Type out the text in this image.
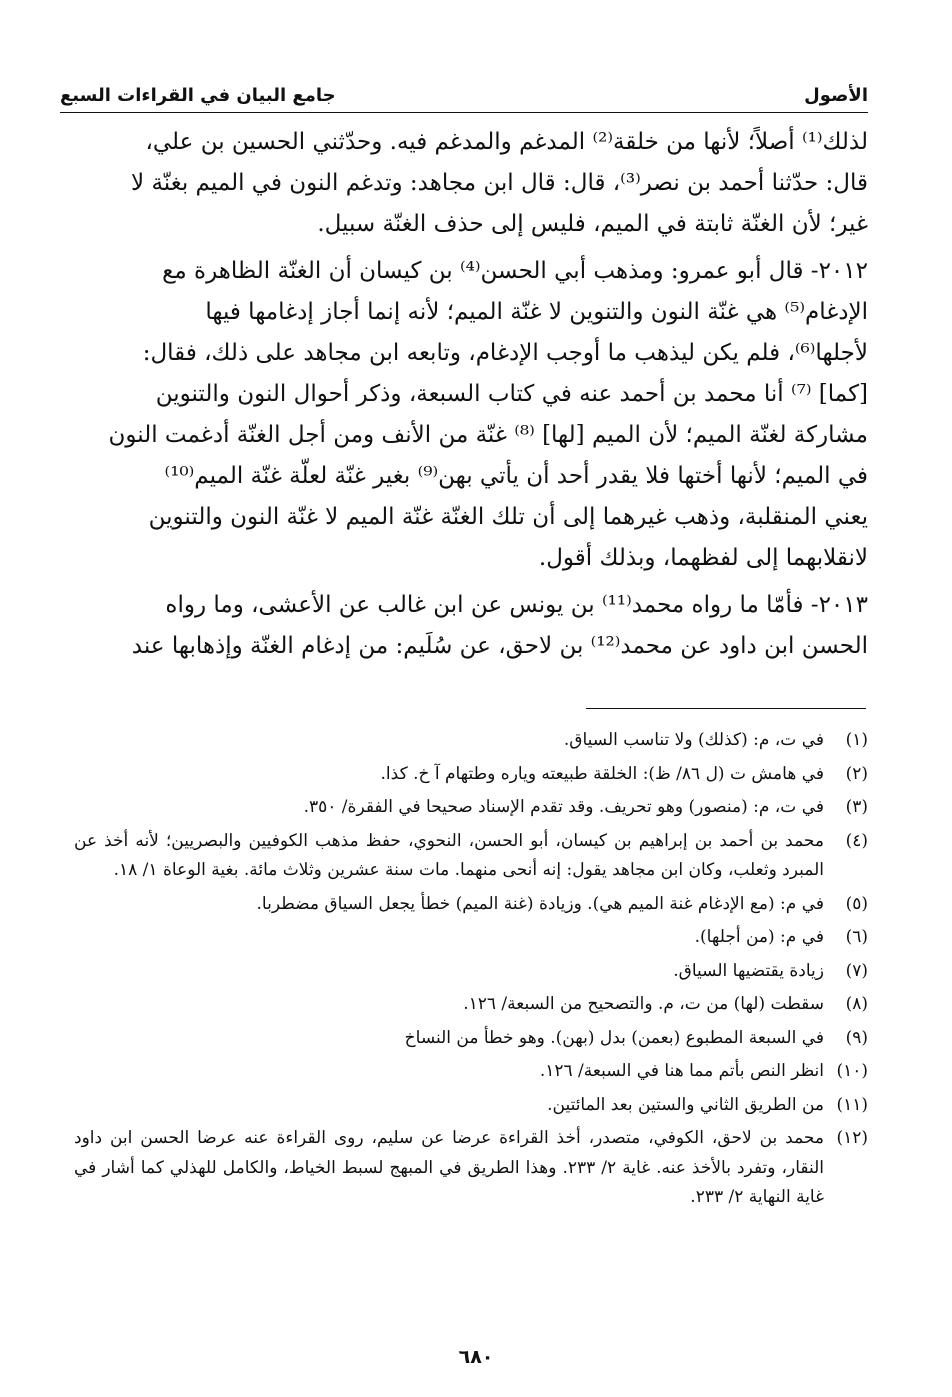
الأصول
جامع البيان في القراءات السبع

لذلك⁽¹⁾ أصلاً؛ لأنها من خلقة⁽²⁾ المدغم والمدغم فيه. وحدّثني الحسين بن علي،
قال: حدّثنا أحمد بن نصر⁽³⁾، قال: قال ابن مجاهد: وتدغم النون في الميم بغنّة لا
غير؛ لأن الغنّة ثابتة في الميم، فليس إلى حذف الغنّة سبيل.

٢٠١٢- قال أبو عمرو: ومذهب أبي الحسن⁽⁴⁾ بن كيسان أن الغنّة الظاهرة مع
الإدغام⁽⁵⁾ هي غنّة النون والتنوين لا غنّة الميم؛ لأنه إنما أجاز إدغامها فيها
لأجلها⁽⁶⁾، فلم يكن ليذهب ما أوجب الإدغام، وتابعه ابن مجاهد على ذلك، فقال:
[كما] ⁽⁷⁾ أنا محمد بن أحمد عنه في كتاب السبعة، وذكر أحوال النون والتنوين
مشاركة لغنّة الميم؛ لأن الميم [لها] ⁽⁸⁾ غنّة من الأنف ومن أجل الغنّة أدغمت النون
في الميم؛ لأنها أختها فلا يقدر أحد أن يأتي بهن⁽⁹⁾ بغير غنّة لعلّة غنّة الميم⁽¹⁰⁾
يعني المنقلبة، وذهب غيرهما إلى أن تلك الغنّة غنّة الميم لا غنّة النون والتنوين
لانقلابهما إلى لفظهما، وبذلك أقول.

٢٠١٣- فأمّا ما رواه محمد⁽¹¹⁾ بن يونس عن ابن غالب عن الأعشى، وما رواه
الحسن ابن داود عن محمد⁽¹²⁾ بن لاحق، عن سُلَيم: من إدغام الغنّة وإذهابها عند

(١)
في ت، م: (كذلك) ولا تناسب السياق.
(٢)
في هامش ت (ل ٨٦/ ظ): الخلقة طبيعته وياره وطتهام آ خ. كذا.
(٣)
في ت، م: (منصور) وهو تحريف. وقد تقدم الإسناد صحيحا في الفقرة/ ٣٥٠.
(٤)
محمد بن أحمد بن إبراهيم بن كيسان، أبو الحسن، النحوي، حفظ مذهب الكوفيين والبصريين؛ لأنه أخذ عن المبرد وثعلب، وكان ابن مجاهد يقول: إنه أنحى منهما. مات سنة عشرين وثلاث مائة. بغية الوعاة ١/ ١٨.
(٥)
في م: (مع الإدغام غنة الميم هي). وزيادة (غنة الميم) خطأ يجعل السياق مضطربا.
(٦)
في م: (من أجلها).
(٧)
زيادة يقتضيها السياق.
(٨)
سقطت (لها) من ت، م. والتصحيح من السبعة/ ١٢٦.
(٩)
في السبعة المطبوع (بعمن) بدل (بهن). وهو خطأ من النساخ
(١٠)
انظر النص بأتم مما هنا في السبعة/ ١٢٦.
(١١)
من الطريق الثاني والستين بعد المائتين.
(١٢)
محمد بن لاحق، الكوفي، متصدر، أخذ القراءة عرضا عن سليم، روى القراءة عنه عرضا الحسن ابن داود النقار، وتفرد بالأخذ عنه. غاية ٢/ ٢٣٣. وهذا الطريق في المبهج لسبط الخياط، والكامل للهذلي كما أشار في غاية النهاية ٢/ ٢٣٣.
٦٨٠
